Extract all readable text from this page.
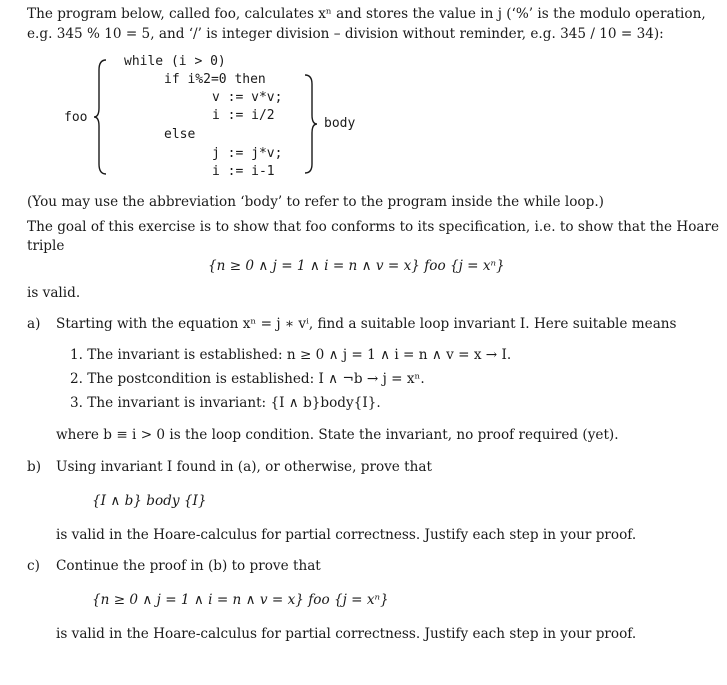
The program below, called foo, calculates xⁿ and stores the value in j (‘%’ is the modulo operation,
e.g. 345 % 10 = 5, and ‘/’ is integer division – division without reminder, e.g. 345 / 10 = 34):
foo
while (i > 0)
if i%2=0 then
v := v*v;
i := i/2
else
j := j*v;
i := i-1
body
(You may use the abbreviation ‘body’ to refer to the program inside the while loop.)
The goal of this exercise is to show that foo conforms to its specification, i.e. to show that the Hoare
triple
{n ≥ 0 ∧ j = 1 ∧ i = n ∧ v = x} foo {j = xⁿ}
is valid.
a) Starting with the equation xⁿ = j ∗ vⁱ, find a suitable loop invariant I. Here suitable means
1. The invariant is established: n ≥ 0 ∧ j = 1 ∧ i = n ∧ v = x → I.
2. The postcondition is established: I ∧ ¬b → j = xⁿ.
3. The invariant is invariant: {I ∧ b}body{I}.
where b ≡ i > 0 is the loop condition. State the invariant, no proof required (yet).
b) Using invariant I found in (a), or otherwise, prove that
{I ∧ b} body {I}
is valid in the Hoare-calculus for partial correctness. Justify each step in your proof.
c) Continue the proof in (b) to prove that
{n ≥ 0 ∧ j = 1 ∧ i = n ∧ v = x} foo {j = xⁿ}
is valid in the Hoare-calculus for partial correctness. Justify each step in your proof.
